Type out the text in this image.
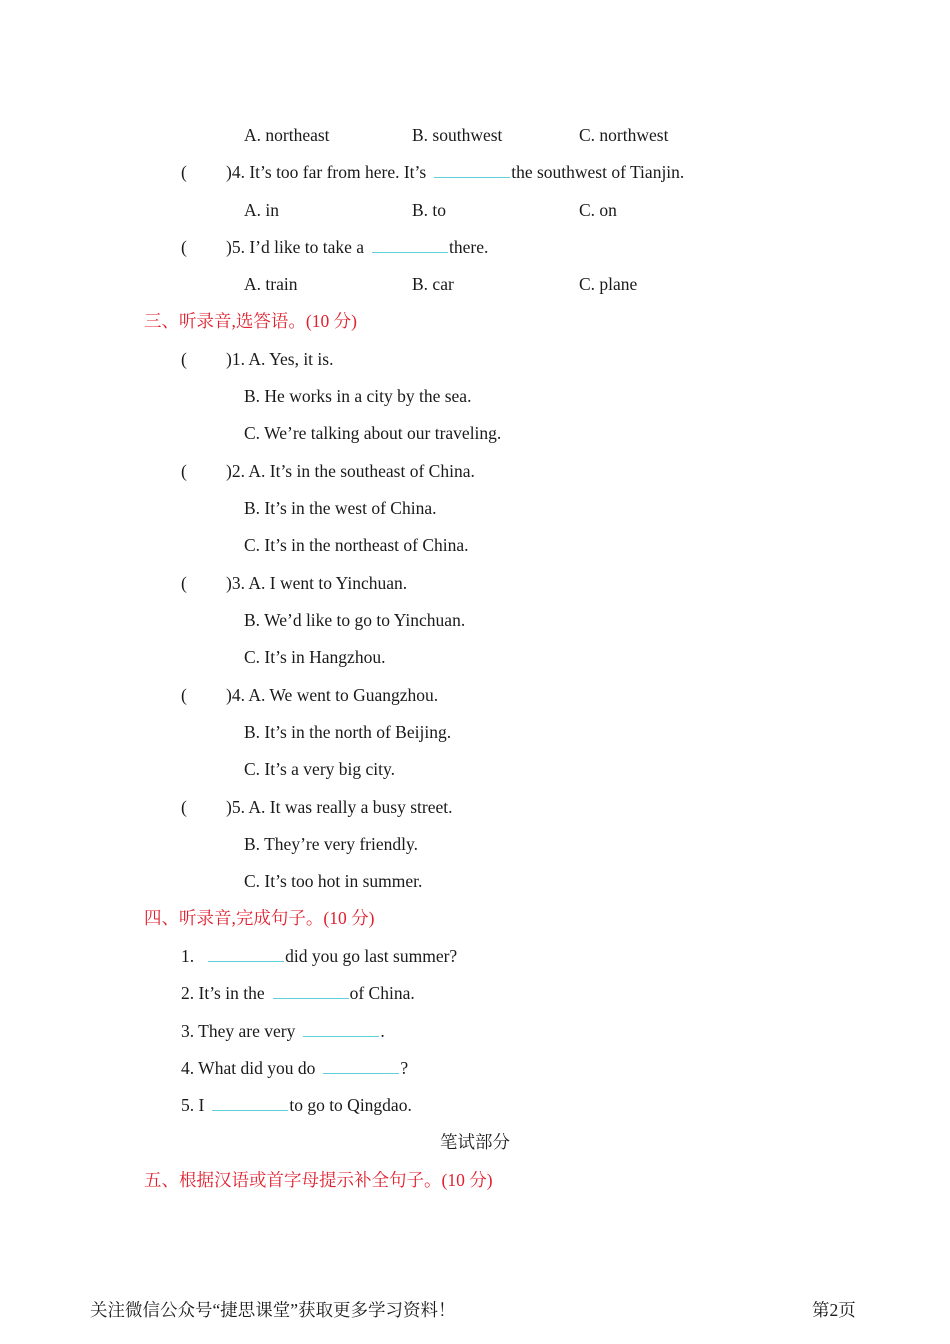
A. northeast	B. southwest	C. northwest
( )4. It’s too far from here. It’s	the southwest of Tianjin.
A. in	B. to	C. on
( )5. I’d like to take a	there.
A. train	B. car	C. plane
三、听录音,选答语。(10 分)
( )1. A. Yes, it is.
B. He works in a city by the sea.
C. We’re talking about our traveling.
( )2. A. It’s in the southeast of China.
B. It’s in the west of China.
C. It’s in the northeast of China.
( )3. A. I went to Yinchuan.
B. We’d like to go to Yinchuan.
C. It’s in Hangzhou.
( )4. A. We went to Guangzhou.
B. It’s in the north of Beijing.
C. It’s a very big city.
( )5. A. It was really a busy street.
B. They’re very friendly.
C. It’s too hot in summer.
四、听录音,完成句子。(10 分)
1.	did you go last summer?
2. It’s in the	of China.
3. They are very	.
4. What did you do	?
5. I	to go to Qingdao.
笔试部分
五、根据汉语或首字母提示补全句子。(10 分)
关注微信公众号“捷思课堂”获取更多学习资料！	第2页
